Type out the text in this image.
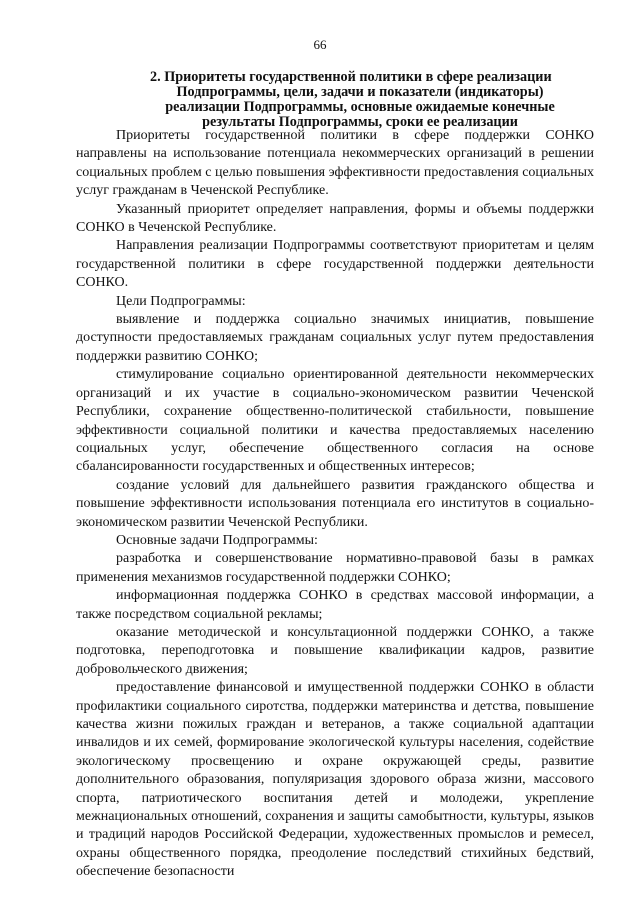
66
2. Приоритеты государственной политики в сфере реализации
Подпрограммы, цели, задачи и показатели (индикаторы)
реализации Подпрограммы, основные ожидаемые конечные
результаты Подпрограммы, сроки ее реализации

Приоритеты государственной политики в сфере поддержки СОНКО направлены на использование потенциала некоммерческих организаций в решении социальных проблем с целью повышения эффективности предоставления социальных услуг гражданам в Чеченской Республике.

Указанный приоритет определяет направления, формы и объемы поддержки СОНКО в Чеченской Республике.

Направления реализации Подпрограммы соответствуют приоритетам и целям государственной политики в сфере государственной поддержки деятельности СОНКО.

Цели Подпрограммы:

выявление и поддержка социально значимых инициатив, повышение доступности предоставляемых гражданам социальных услуг путем предоставления поддержки развитию СОНКО;

стимулирование социально ориентированной деятельности некоммерческих организаций и их участие в социально-экономическом развитии Чеченской Республики, сохранение общественно-политической стабильности, повышение эффективности социальной политики и качества предоставляемых населению социальных услуг, обеспечение общественного согласия на основе сбалансированности государственных и общественных интересов;

создание условий для дальнейшего развития гражданского общества и повышение эффективности использования потенциала его институтов в социально-экономическом развитии Чеченской Республики.

Основные задачи Подпрограммы:

разработка и совершенствование нормативно-правовой базы в рамках применения механизмов государственной поддержки СОНКО;

информационная поддержка СОНКО в средствах массовой информации, а также посредством социальной рекламы;

оказание методической и консультационной поддержки СОНКО, а также подготовка, переподготовка и повышение квалификации кадров, развитие добровольческого движения;

предоставление финансовой и имущественной поддержки СОНКО в области профилактики социального сиротства, поддержки материнства и детства, повышение качества жизни пожилых граждан и ветеранов, а также социальной адаптации инвалидов и их семей, формирование экологической культуры населения, содействие экологическому просвещению и охране окружающей среды, развитие дополнительного образования, популяризация здорового образа жизни, массового спорта, патриотического воспитания детей и молодежи, укрепление межнациональных отношений, сохранения и защиты самобытности, культуры, языков и традиций народов Российской Федерации, художественных промыслов и ремесел, охраны общественного порядка, преодоление последствий стихийных бедствий, обеспечение безопасности
